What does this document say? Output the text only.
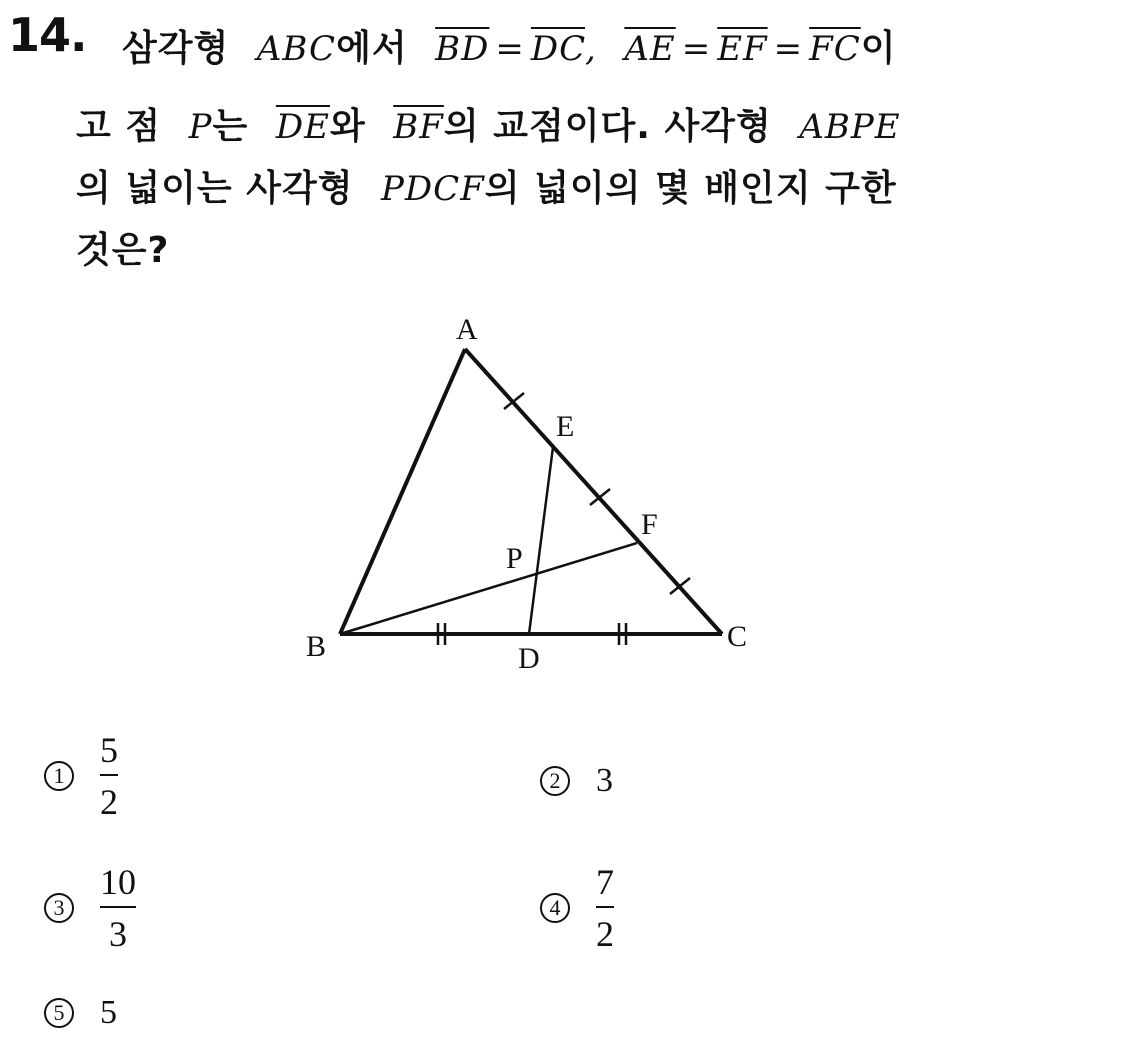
14. 삼각형 ABC에서 $\overline{BD} = \overline{DC}$, $\overline{AE} = \overline{EF} = \overline{FC}$이
고 점 P는 $\overline{DE}$와 $\overline{BF}$의 교점이다. 사각형 ABPE
의 넓이는 사각형 PDCF의 넓이의 몇 배인지 구한
것은?
A
B	C
D
E
F
P
$1 \frac{5}{2}$	2 3
$3 \frac{10}{3}$	$4 \frac{7}{2}$
5 5
